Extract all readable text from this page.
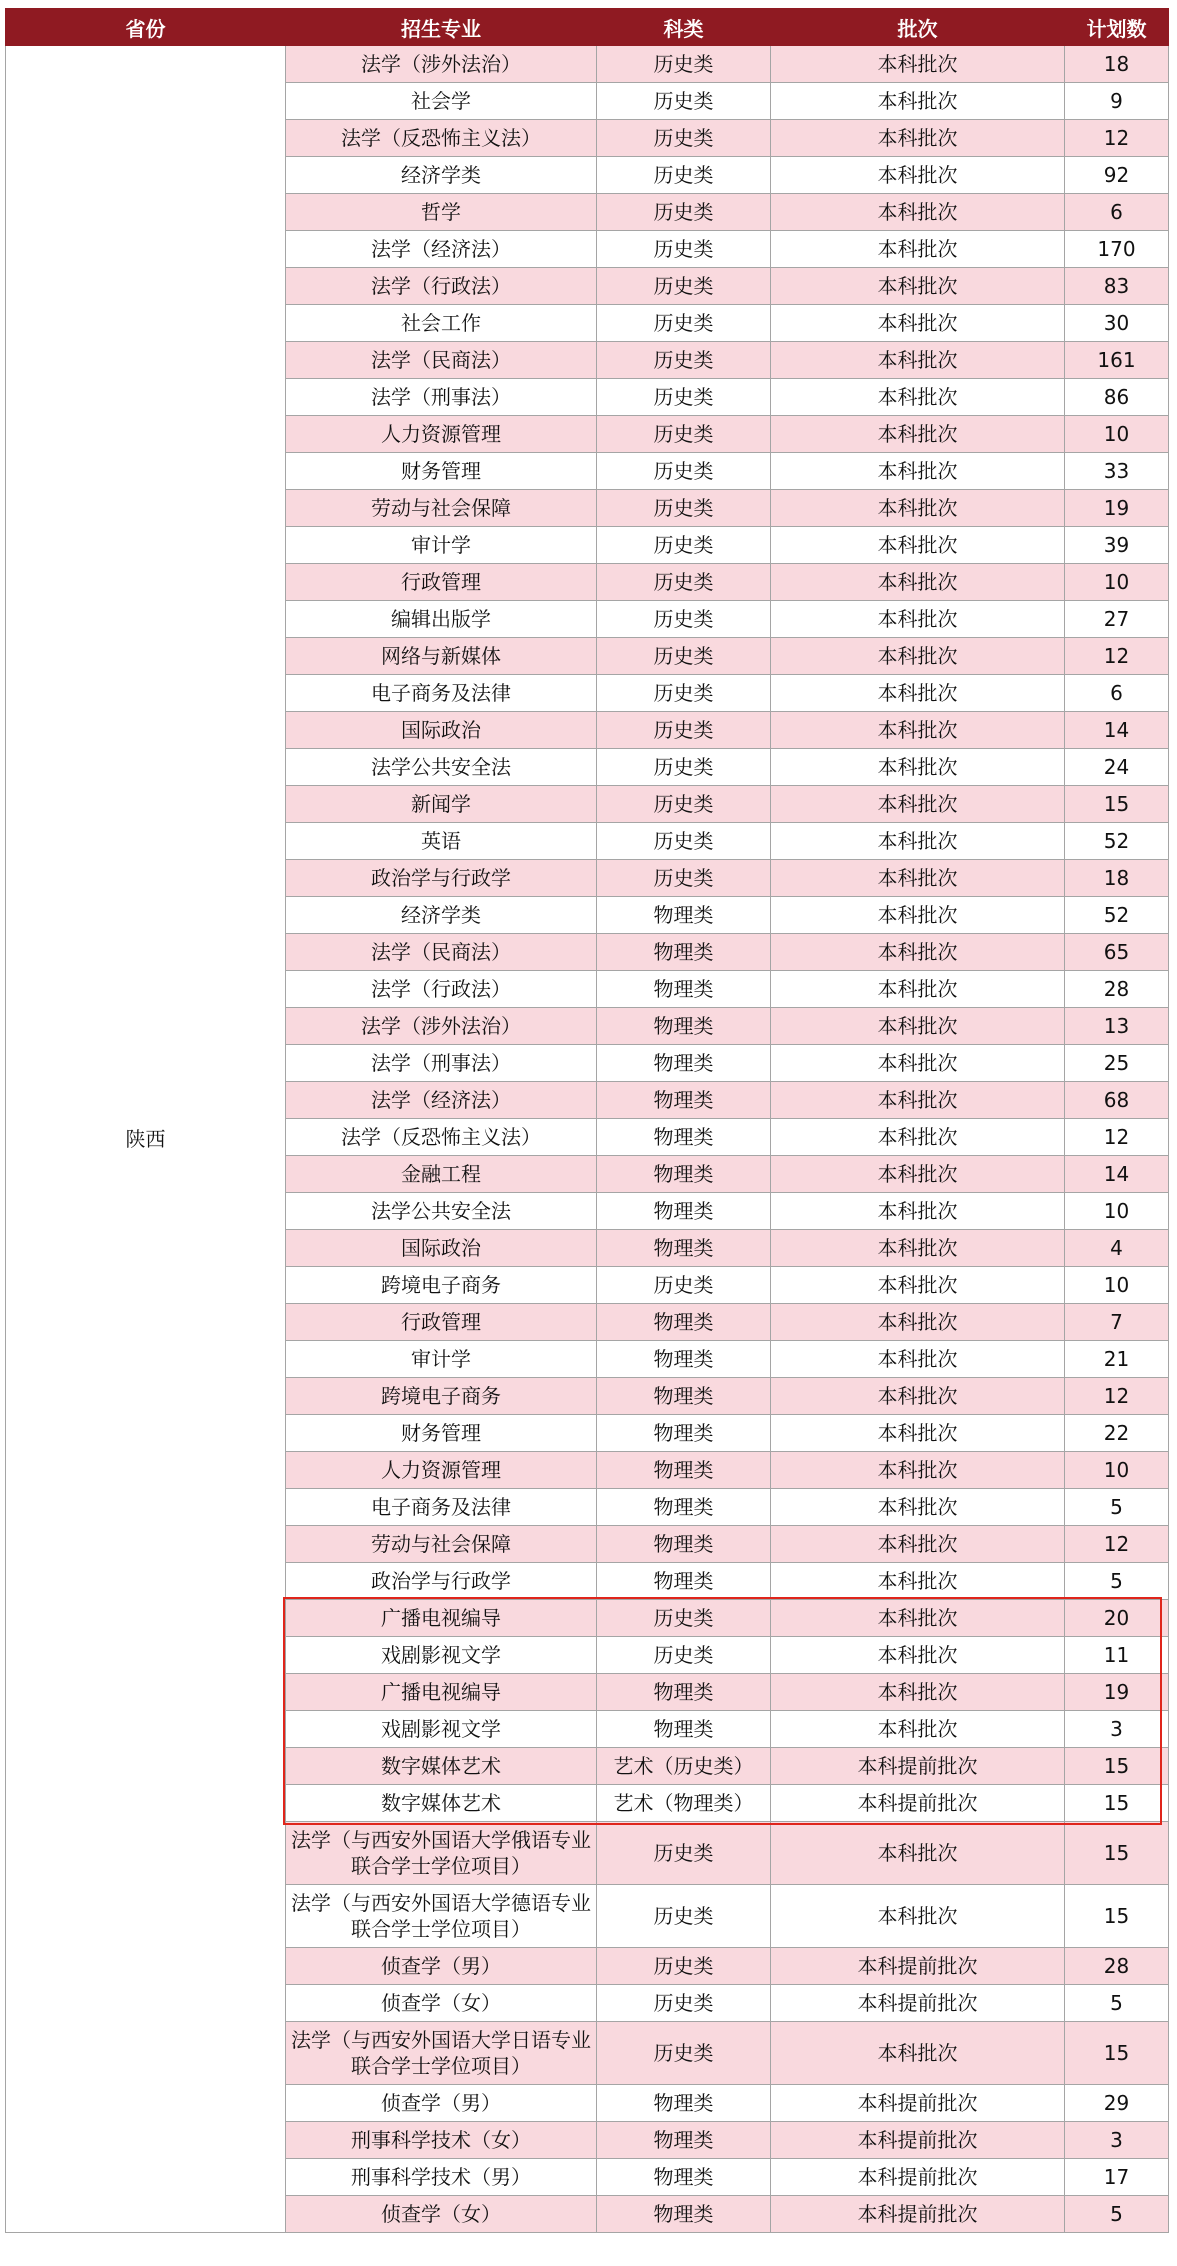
省份	招生专业	科类	批次	计划数
陕西	法学（涉外法治）	历史类	本科批次	18
	社会学	历史类	本科批次	9
	法学（反恐怖主义法）	历史类	本科批次	12
	经济学类	历史类	本科批次	92
	哲学	历史类	本科批次	6
	法学（经济法）	历史类	本科批次	170
	法学（行政法）	历史类	本科批次	83
	社会工作	历史类	本科批次	30
	法学（民商法）	历史类	本科批次	161
	法学（刑事法）	历史类	本科批次	86
	人力资源管理	历史类	本科批次	10
	财务管理	历史类	本科批次	33
	劳动与社会保障	历史类	本科批次	19
	审计学	历史类	本科批次	39
	行政管理	历史类	本科批次	10
	编辑出版学	历史类	本科批次	27
	网络与新媒体	历史类	本科批次	12
	电子商务及法律	历史类	本科批次	6
	国际政治	历史类	本科批次	14
	法学公共安全法	历史类	本科批次	24
	新闻学	历史类	本科批次	15
	英语	历史类	本科批次	52
	政治学与行政学	历史类	本科批次	18
	经济学类	物理类	本科批次	52
	法学（民商法）	物理类	本科批次	65
	法学（行政法）	物理类	本科批次	28
	法学（涉外法治）	物理类	本科批次	13
	法学（刑事法）	物理类	本科批次	25
	法学（经济法）	物理类	本科批次	68
	法学（反恐怖主义法）	物理类	本科批次	12
	金融工程	物理类	本科批次	14
	法学公共安全法	物理类	本科批次	10
	国际政治	物理类	本科批次	4
	跨境电子商务	历史类	本科批次	10
	行政管理	物理类	本科批次	7
	审计学	物理类	本科批次	21
	跨境电子商务	物理类	本科批次	12
	财务管理	物理类	本科批次	22
	人力资源管理	物理类	本科批次	10
	电子商务及法律	物理类	本科批次	5
	劳动与社会保障	物理类	本科批次	12
	政治学与行政学	物理类	本科批次	5
	广播电视编导	历史类	本科批次	20
	戏剧影视文学	历史类	本科批次	11
	广播电视编导	物理类	本科批次	19
	戏剧影视文学	物理类	本科批次	3
	数字媒体艺术	艺术（历史类）	本科提前批次	15
	数字媒体艺术	艺术（物理类）	本科提前批次	15
	法学（与西安外国语大学俄语专业联合学士学位项目）	历史类	本科批次	15
	法学（与西安外国语大学德语专业联合学士学位项目）	历史类	本科批次	15
	侦查学（男）	历史类	本科提前批次	28
	侦查学（女）	历史类	本科提前批次	5
	法学（与西安外国语大学日语专业联合学士学位项目）	历史类	本科批次	15
	侦查学（男）	物理类	本科提前批次	29
	刑事科学技术（女）	物理类	本科提前批次	3
	刑事科学技术（男）	物理类	本科提前批次	17
	侦查学（女）	物理类	本科提前批次	5
